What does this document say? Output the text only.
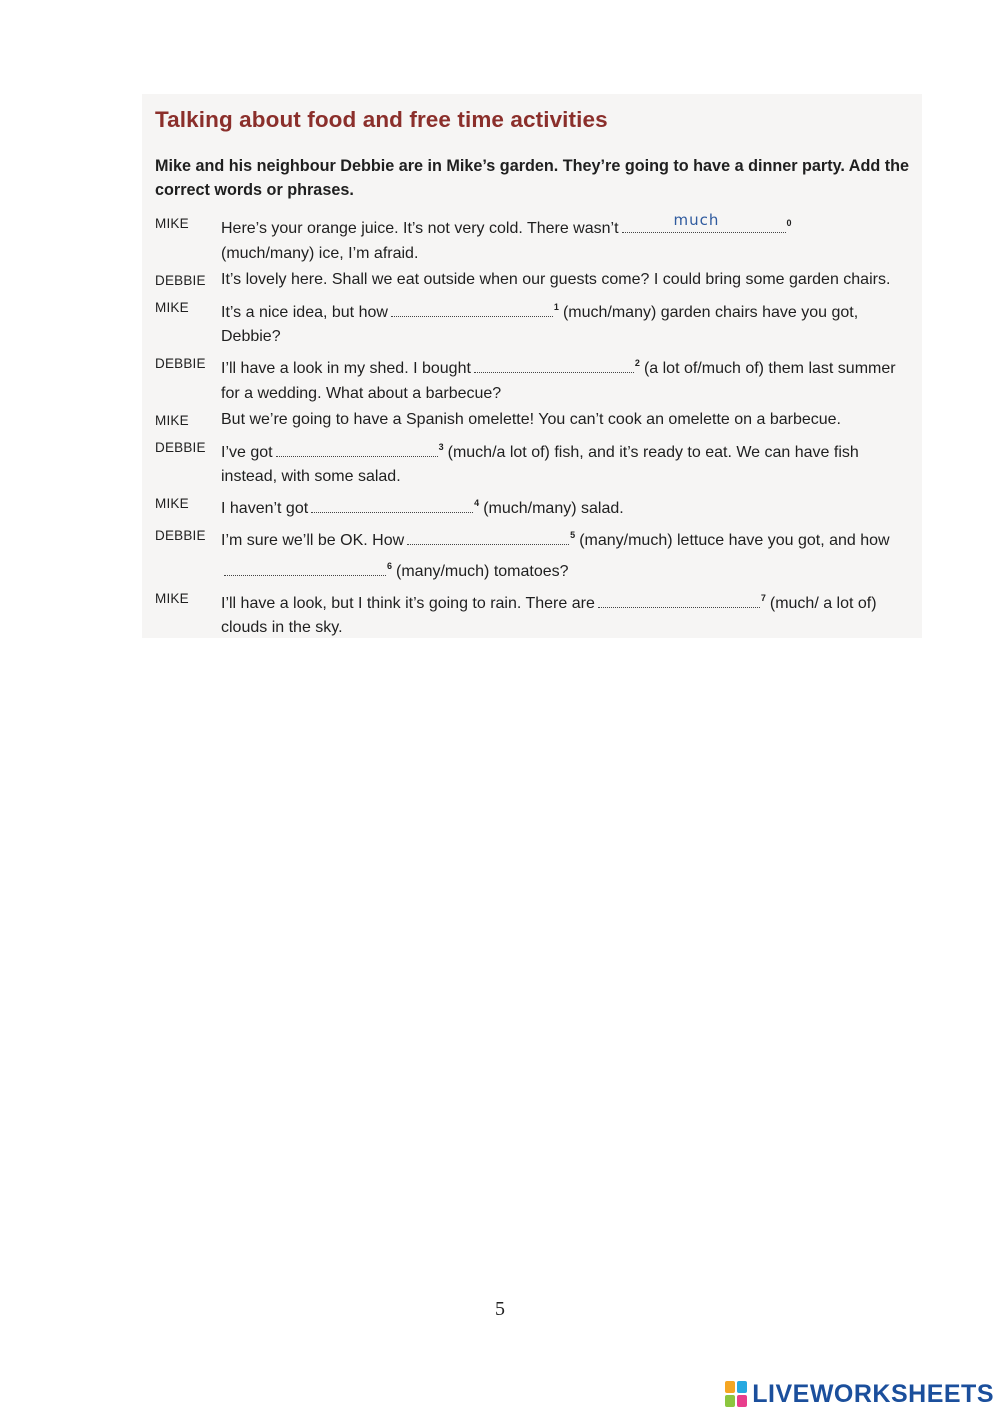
Talking about food and free time activities

Mike and his neighbour Debbie are in Mike’s garden. They’re going to have a dinner party. Add the correct words or phrases.

MIKE	Here’s your orange juice. It’s not very cold. There wasn’t	much	$^0$
(much/many) ice, I’m afraid.
DEBBIE It’s lovely here. Shall we eat outside when our guests come? I could bring some garden chairs.
MIKE	It’s a nice idea, but how	$^1$ (much/many) garden chairs have you got, Debbie?
DEBBIE I’ll have a look in my shed. I bought	$^2$ (a lot of/much of) them last summer for a wedding. What about a barbecue?
MIKE	But we’re going to have a Spanish omelette! You can’t cook an omelette on a barbecue.
DEBBIE I’ve got	$^3$ (much/a lot of) fish, and it’s ready to eat. We can have fish instead, with some salad.
MIKE	I haven’t got	$^4$ (much/many) salad.
DEBBIE I’m sure we’ll be OK. How	$^5$ (many/much) lettuce have you got, and how$^6$ (many/much) tomatoes?
MIKE	I’ll have a look, but I think it’s going to rain. There are	$^7$ (much/ a lot of) clouds in the sky.
5
LIVEWORKSHEETS
